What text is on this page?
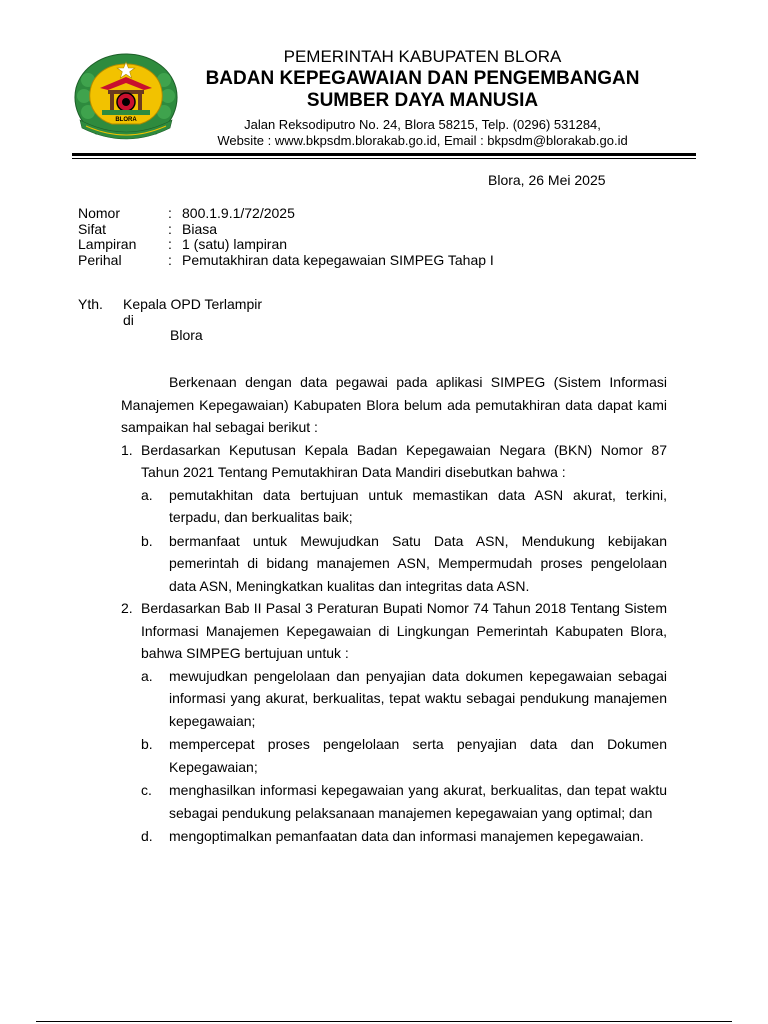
BLORA
PEMERINTAH KABUPATEN BLORA
BADAN KEPEGAWAIAN DAN PENGEMBANGAN
SUMBER DAYA MANUSIA
Jalan Reksodiputro No. 24, Blora 58215, Telp. (0296) 531284,
Website : www.bkpsdm.blorakab.go.id, Email : bkpsdm@blorakab.go.id
Blora, 26 Mei 2025
Nomor	: 800.1.9.1/72/2025
Sifat	: Biasa
Lampiran	: 1 (satu) lampiran
Perihal	: Pemutakhiran data kepegawaian SIMPEG Tahap I
Yth. Kepala OPD Terlampir
di
Blora
Berkenaan dengan data pegawai pada aplikasi SIMPEG (Sistem Informasi Manajemen Kepegawaian) Kabupaten Blora belum ada pemutakhiran data dapat kami sampaikan hal sebagai berikut :
1. Berdasarkan Keputusan Kepala Badan Kepegawaian Negara (BKN) Nomor 87 Tahun 2021 Tentang Pemutakhiran Data Mandiri disebutkan bahwa :
a. pemutakhitan data bertujuan untuk memastikan data ASN akurat, terkini, terpadu, dan berkualitas baik;
b. bermanfaat untuk Mewujudkan Satu Data ASN, Mendukung kebijakan pemerintah di bidang manajemen ASN, Mempermudah proses pengelolaan data ASN, Meningkatkan kualitas dan integritas data ASN.
2. Berdasarkan Bab II Pasal 3 Peraturan Bupati Nomor 74 Tahun 2018 Tentang Sistem Informasi Manajemen Kepegawaian di Lingkungan Pemerintah Kabupaten Blora, bahwa SIMPEG bertujuan untuk :
a. mewujudkan pengelolaan dan penyajian data dokumen kepegawaian sebagai informasi yang akurat, berkualitas, tepat waktu sebagai pendukung manajemen kepegawaian;
b. mempercepat proses pengelolaan serta penyajian data dan Dokumen Kepegawaian;
c. menghasilkan informasi kepegawaian yang akurat, berkualitas, dan tepat waktu sebagai pendukung pelaksanaan manajemen kepegawaian yang optimal; dan
d. mengoptimalkan pemanfaatan data dan informasi manajemen kepegawaian.
